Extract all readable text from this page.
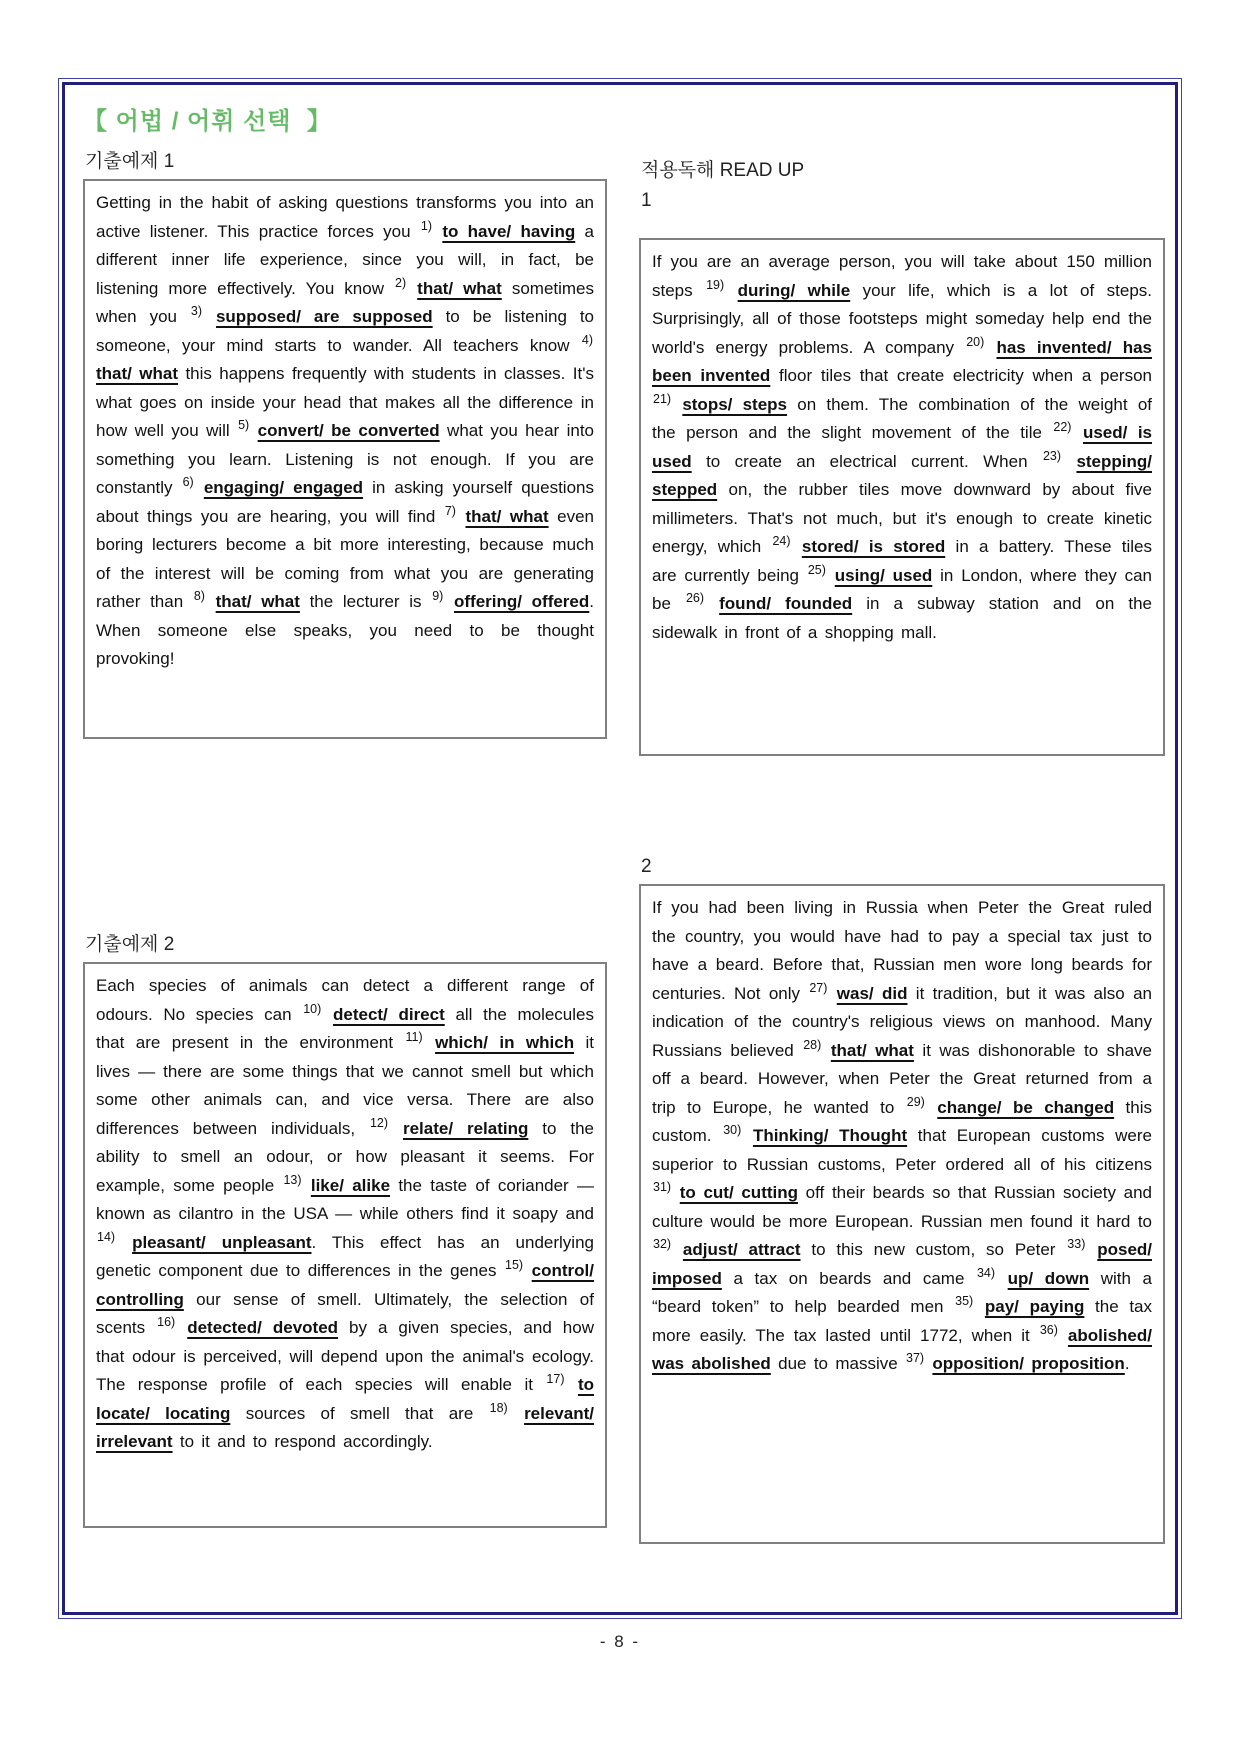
【 어법 / 어휘 선택  】
기출예제 1

Getting in the habit of asking questions transforms you into an active listener. This practice forces you $^{1)}$ to have/ having a different inner life experience, since you will, in fact, be listening more effectively. You know $^{2)}$ that/ what sometimes when you $^{3)}$ supposed/ are supposed to be listening to someone, your mind starts to wander. All teachers know $^{4)}$ that/ what this happens frequently with students in classes. It's what goes on inside your head that makes all the difference in how well you will $^{5)}$ convert/ be converted what you hear into something you learn. Listening is not enough. If you are constantly $^{6)}$ engaging/ engaged in asking yourself questions about things you are hearing, you will find $^{7)}$ that/ what even boring lecturers become a bit more interesting, because much of the interest will be coming from what you are generating rather than $^{8)}$ that/ what the lecturer is $^{9)}$ offering/ offered. When someone else speaks, you need to be thought provoking!

기출예제 2

Each species of animals can detect a different range of odours. No species can $^{10)}$ detect/ direct all the molecules that are present in the environment $^{11)}$ which/ in which it lives — there are some things that we cannot smell but which some other animals can, and vice versa. There are also differences between individuals, $^{12)}$ relate/ relating to the ability to smell an odour, or how pleasant it seems. For example, some people $^{13)}$ like/ alike the taste of coriander — known as cilantro in the USA — while others find it soapy and $^{14)}$ pleasant/ unpleasant. This effect has an underlying genetic component due to differences in the genes $^{15)}$ control/ controlling our sense of smell. Ultimately, the selection of scents $^{16)}$ detected/ devoted by a given species, and how that odour is perceived, will depend upon the animal's ecology. The response profile of each species will enable it $^{17)}$ to locate/ locating sources of smell that are $^{18)}$ relevant/ irrelevant to it and to respond accordingly.

적용독해 READ UP
1

If you are an average person, you will take about 150 million steps $^{19)}$ during/ while your life, which is a lot of steps. Surprisingly, all of those footsteps might someday help end the world's energy problems. A company $^{20)}$ has invented/ has been invented floor tiles that create electricity when a person $^{21)}$ stops/ steps on them. The combination of the weight of the person and the slight movement of the tile $^{22)}$ used/ is used to create an electrical current. When $^{23)}$ stepping/ stepped on, the rubber tiles move downward by about five millimeters. That's not much, but it's enough to create kinetic energy, which $^{24)}$ stored/ is stored in a battery. These tiles are currently being $^{25)}$ using/ used in London, where they can be $^{26)}$ found/ founded in a subway station and on the sidewalk in front of a shopping mall.

2

If you had been living in Russia when Peter the Great ruled the country, you would have had to pay a special tax just to have a beard. Before that, Russian men wore long beards for centuries. Not only $^{27)}$ was/ did it tradition, but it was also an indication of the country's religious views on manhood. Many Russians believed $^{28)}$ that/ what it was dishonorable to shave off a beard. However, when Peter the Great returned from a trip to Europe, he wanted to $^{29)}$ change/ be changed this custom. $^{30)}$ Thinking/ Thought that European customs were superior to Russian customs, Peter ordered all of his citizens $^{31)}$ to cut/ cutting off their beards so that Russian society and culture would be more European. Russian men found it hard to $^{32)}$ adjust/ attract to this new custom, so Peter $^{33)}$ posed/ imposed a tax on beards and came $^{34)}$ up/ down with a “beard token” to help bearded men $^{35)}$ pay/ paying the tax more easily. The tax lasted until 1772, when it $^{36)}$ abolished/ was abolished due to massive $^{37)}$ opposition/ proposition.

- 8 -
